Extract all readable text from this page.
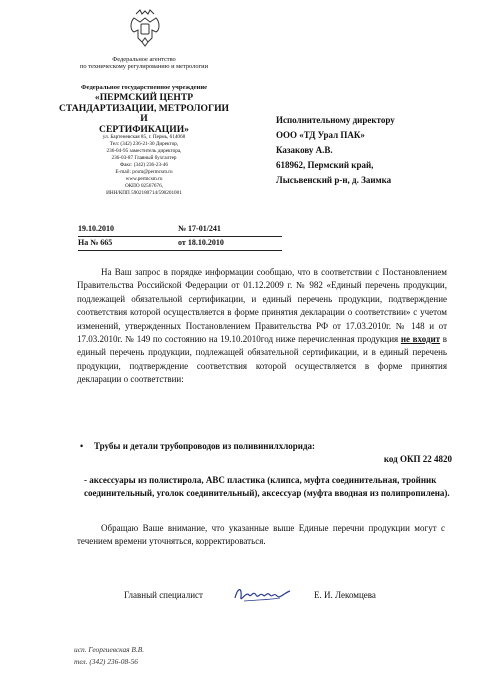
Федеральное агентство
по техническому регулированию и метрологии
Федеральное государственное учреждение
«ПЕРМСКИЙ ЦЕНТР
СТАНДАРТИЗАЦИИ, МЕТРОЛОГИИ И
СЕРТИФИКАЦИИ»
ул. Бартеневская 85, г. Пермь, 614068
Тел: (342) 236-21-30 Директор,
236-04-95 заместитель директора,
236-03-87 Главный бухгалтер
Факс: (342) 236-23-46
E-mail: pcsm@permcsm.ru
www.permcsm.ru
ОКПО 02567676,
ИНН/КПП 5902180714/590201001
19.10.2010	№ 17-01/241
На № 665	от 18.10.2010
Исполнительному директору
ООО «ТД Урал ПАК»
Казакову А.В.
618962, Пермский край,
Лысьвенский р-н, д. Заимка
На Ваш запрос в порядке информации сообщаю, что в соответствии с Постановлением Правительства Российской Федерации от 01.12.2009 г. № 982 «Единый перечень продукции, подлежащей обязательной сертификации, и единый перечень продукции, подтверждение соответствия которой осуществляется в форме принятия декларации о соответствии» с учетом изменений, утвержденных Постановлением Правительства РФ от 17.03.2010г. № 148 и от 17.03.2010г. № 149 по состоянию на 19.10.2010год ниже перечисленная продукция не входит в единый перечень продукции, подлежащей обязательной сертификации, и в единый перечень продукции, подтверждение соответствия которой осуществляется в форме принятия декларации о соответствии:
• Трубы и детали трубопроводов из поливинилхлорида:
код ОКП 22 4820
- аксессуары из полистирола, АВС пластика (клипса, муфта соединительная, тройник соединительный, уголок соединительный), аксессуар (муфта вводная из полипропилена).
Обращаю Ваше внимание, что указанные выше Единые перечни продукции могут с течением времени уточняться, корректироваться.
Главный специалист	Е. И. Лекомцева
исп. Георгиевская В.В.
тел. (342) 236-08-56
